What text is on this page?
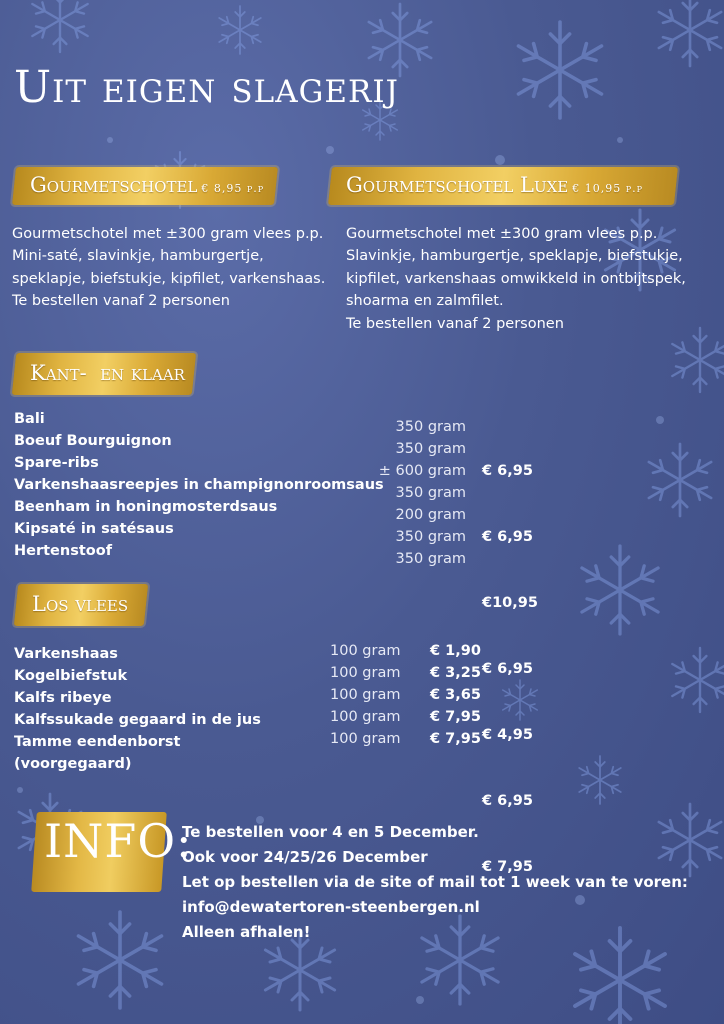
Uit eigen slagerij
Gourmetschotel € 8,95 p.p	Gourmetschotel Luxe € 10,95 p.p
Gourmetschotel met ±300 gram vlees p.p.
Mini-saté, slavinkje, hamburgertje,
speklapje, biefstukje, kipfilet, varkenshaas.
Te bestellen vanaf 2 personen
Gourmetschotel met ±300 gram vlees p.p.
Slavinkje, hamburgertje, speklapje, biefstukje,
kipfilet, varkenshaas omwikkeld in ontbijtspek,
shoarma en zalmfilet.
Te bestellen vanaf 2 personen
Kant-  en klaar
Bali
Boeuf Bourguignon
Spare-ribs
Varkenshaasreepjes in champignonroomsaus
Beenham in honingmosterdsaus
Kipsaté in satésaus
Hertenstoof
350 gram
350 gram
± 600 gram
350 gram
200 gram
350 gram
350 gram

€ 6,95

€ 6,95

€10,95

€ 6,95

€ 4,95

€ 6,95

€ 7,95

Los vlees
Varkenshaas
Kogelbiefstuk
Kalfs ribeye
Kalfssukade gegaard in de jus
Tamme eendenborst
(voorgegaard)
100 gram
100 gram
100 gram
100 gram
100 gram
€ 1,90
€ 3,25
€ 3,65
€ 7,95
€ 7,95
INFO:
Te bestellen voor 4 en 5 December.
Ook voor 24/25/26 December
Let op bestellen via de site of mail tot 1 week van te voren:
info@dewatertoren-steenbergen.nl
Alleen afhalen!
